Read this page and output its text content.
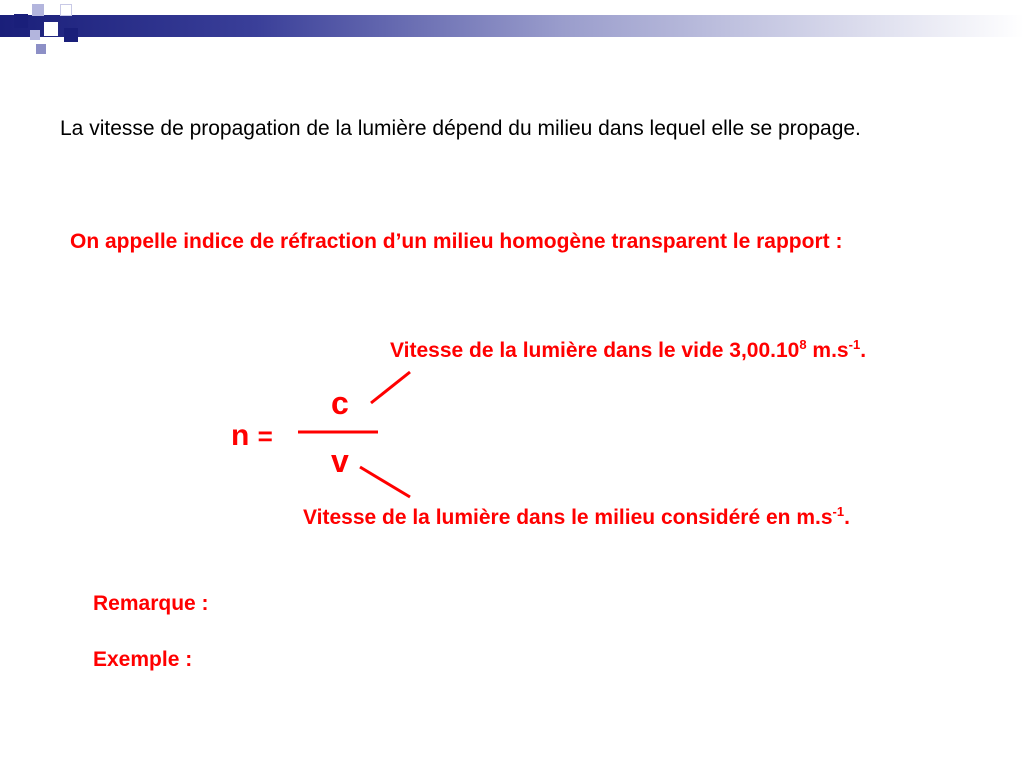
La vitesse de propagation de la lumière dépend du milieu dans lequel elle se propage.
On appelle indice de réfraction d’un milieu homogène transparent le rapport :
Vitesse de la lumière dans le vide 3,00.10$^8$ $m.s^{-1}$.
n =
c
v
Vitesse de la lumière dans le milieu considéré en $m.s^{-1}$.
Remarque :
Exemple :
